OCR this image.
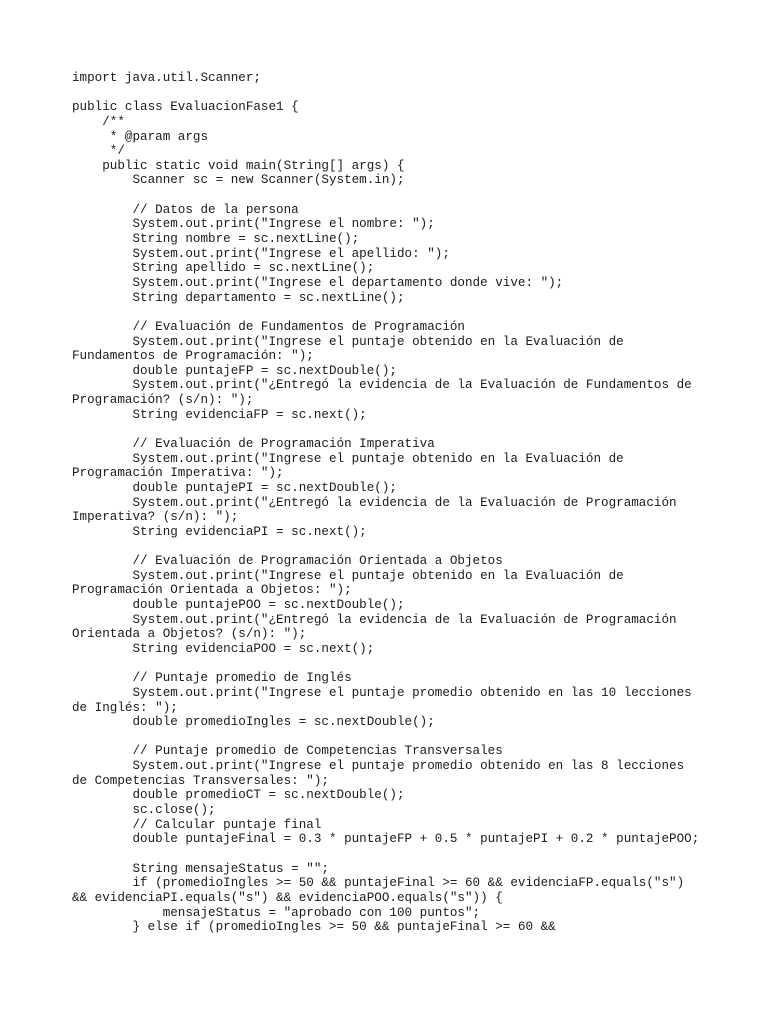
import java.util.Scanner;
public class EvaluacionFase1 {
/**
* @param args
*/
public static void main(String[] args) {
Scanner sc = new Scanner(System.in);
// Datos de la persona
System.out.print("Ingrese el nombre: ");
String nombre = sc.nextLine();
System.out.print("Ingrese el apellido: ");
String apellido = sc.nextLine();
System.out.print("Ingrese el departamento donde vive: ");
String departamento = sc.nextLine();
// Evaluación de Fundamentos de Programación
System.out.print("Ingrese el puntaje obtenido en la Evaluación de
Fundamentos de Programación: ");
double puntajeFP = sc.nextDouble();
System.out.print("¿Entregó la evidencia de la Evaluación de Fundamentos de
Programación? (s/n): ");
String evidenciaFP = sc.next();
// Evaluación de Programación Imperativa
System.out.print("Ingrese el puntaje obtenido en la Evaluación de
Programación Imperativa: ");
double puntajePI = sc.nextDouble();
System.out.print("¿Entregó la evidencia de la Evaluación de Programación
Imperativa? (s/n): ");
String evidenciaPI = sc.next();
// Evaluación de Programación Orientada a Objetos
System.out.print("Ingrese el puntaje obtenido en la Evaluación de
Programación Orientada a Objetos: ");
double puntajePOO = sc.nextDouble();
System.out.print("¿Entregó la evidencia de la Evaluación de Programación
Orientada a Objetos? (s/n): ");
String evidenciaPOO = sc.next();
// Puntaje promedio de Inglés
System.out.print("Ingrese el puntaje promedio obtenido en las 10 lecciones
de Inglés: ");
double promedioIngles = sc.nextDouble();
// Puntaje promedio de Competencias Transversales
System.out.print("Ingrese el puntaje promedio obtenido en las 8 lecciones
de Competencias Transversales: ");
double promedioCT = sc.nextDouble();
sc.close();
// Calcular puntaje final
double puntajeFinal = 0.3 * puntajeFP + 0.5 * puntajePI + 0.2 * puntajePOO;
String mensajeStatus = "";
if (promedioIngles >= 50 && puntajeFinal >= 60 && evidenciaFP.equals("s")
&& evidenciaPI.equals("s") && evidenciaPOO.equals("s")) {
mensajeStatus = "aprobado con 100 puntos";
} else if (promedioIngles >= 50 && puntajeFinal >= 60 &&
